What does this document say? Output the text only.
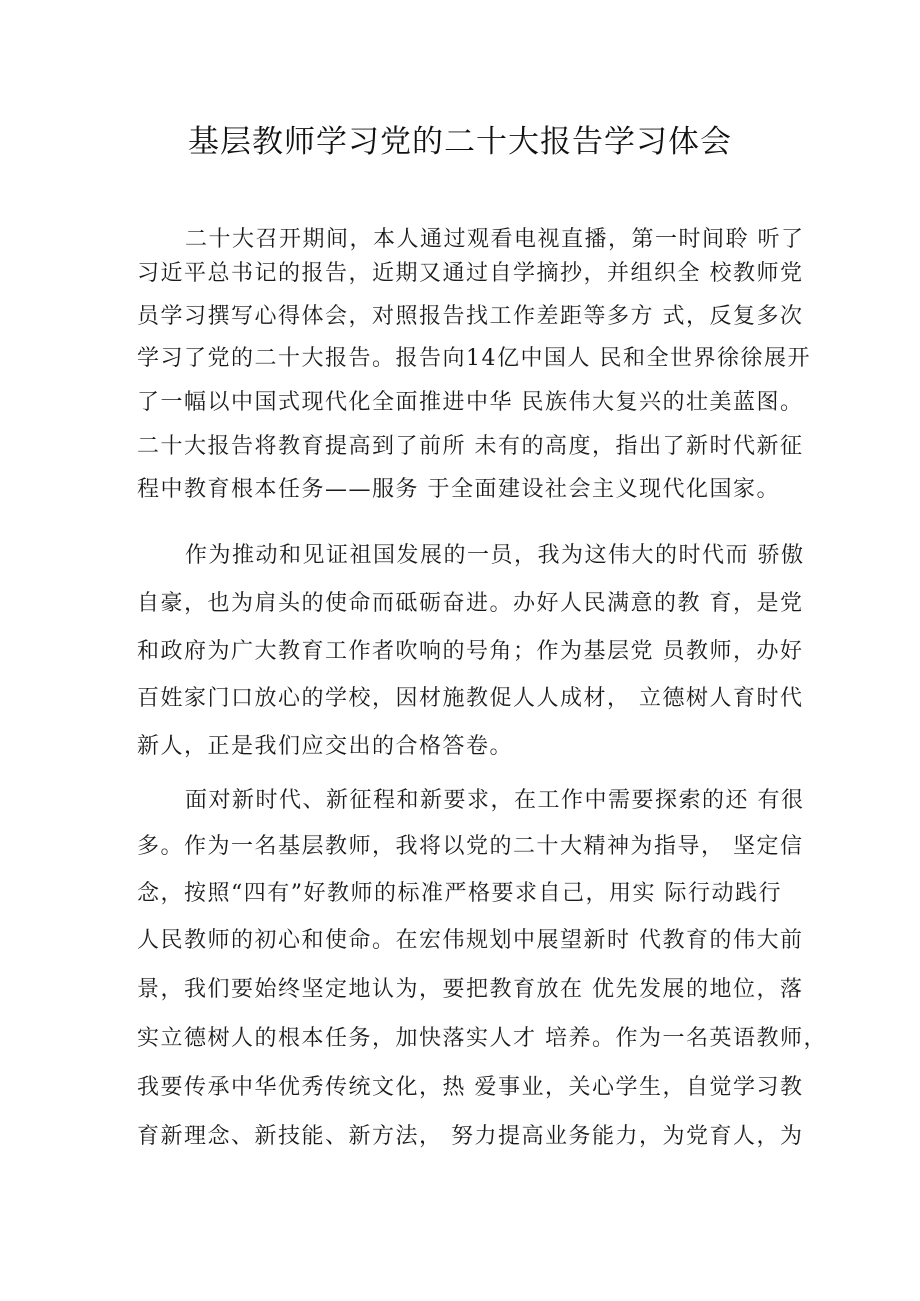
基层教师学习党的二十大报告学习体会
二十大召开期间，本人通过观看电视直播，第一时间聆 听了
习近平总书记的报告，近期又通过自学摘抄，并组织全 校教师党
员学习撰写心得体会，对照报告找工作差距等多方 式，反复多次
学习了党的二十大报告。报告向14亿中国人 民和全世界徐徐展开
了一幅以中国式现代化全面推进中华 民族伟大复兴的壮美蓝图。
二十大报告将教育提高到了前所 未有的高度，指出了新时代新征
程中教育根本任务——服务 于全面建设社会主义现代化国家。
作为推动和见证祖国发展的一员，我为这伟大的时代而 骄傲
自豪，也为肩头的使命而砥砺奋进。办好人民满意的教 育，是党
和政府为广大教育工作者吹响的号角；作为基层党 员教师，办好
百姓家门口放心的学校，因材施教促人人成材， 立德树人育时代
新人，正是我们应交出的合格答卷。
面对新时代、新征程和新要求，在工作中需要探索的还 有很
多。作为一名基层教师，我将以党的二十大精神为指导， 坚定信
念，按照“四有”好教师的标准严格要求自己，用实 际行动践行
人民教师的初心和使命。在宏伟规划中展望新时 代教育的伟大前
景，我们要始终坚定地认为，要把教育放在 优先发展的地位，落
实立德树人的根本任务，加快落实人才 培养。作为一名英语教师，
我要传承中华优秀传统文化，热 爱事业，关心学生，自觉学习教
育新理念、新技能、新方法， 努力提高业务能力，为党育人，为
